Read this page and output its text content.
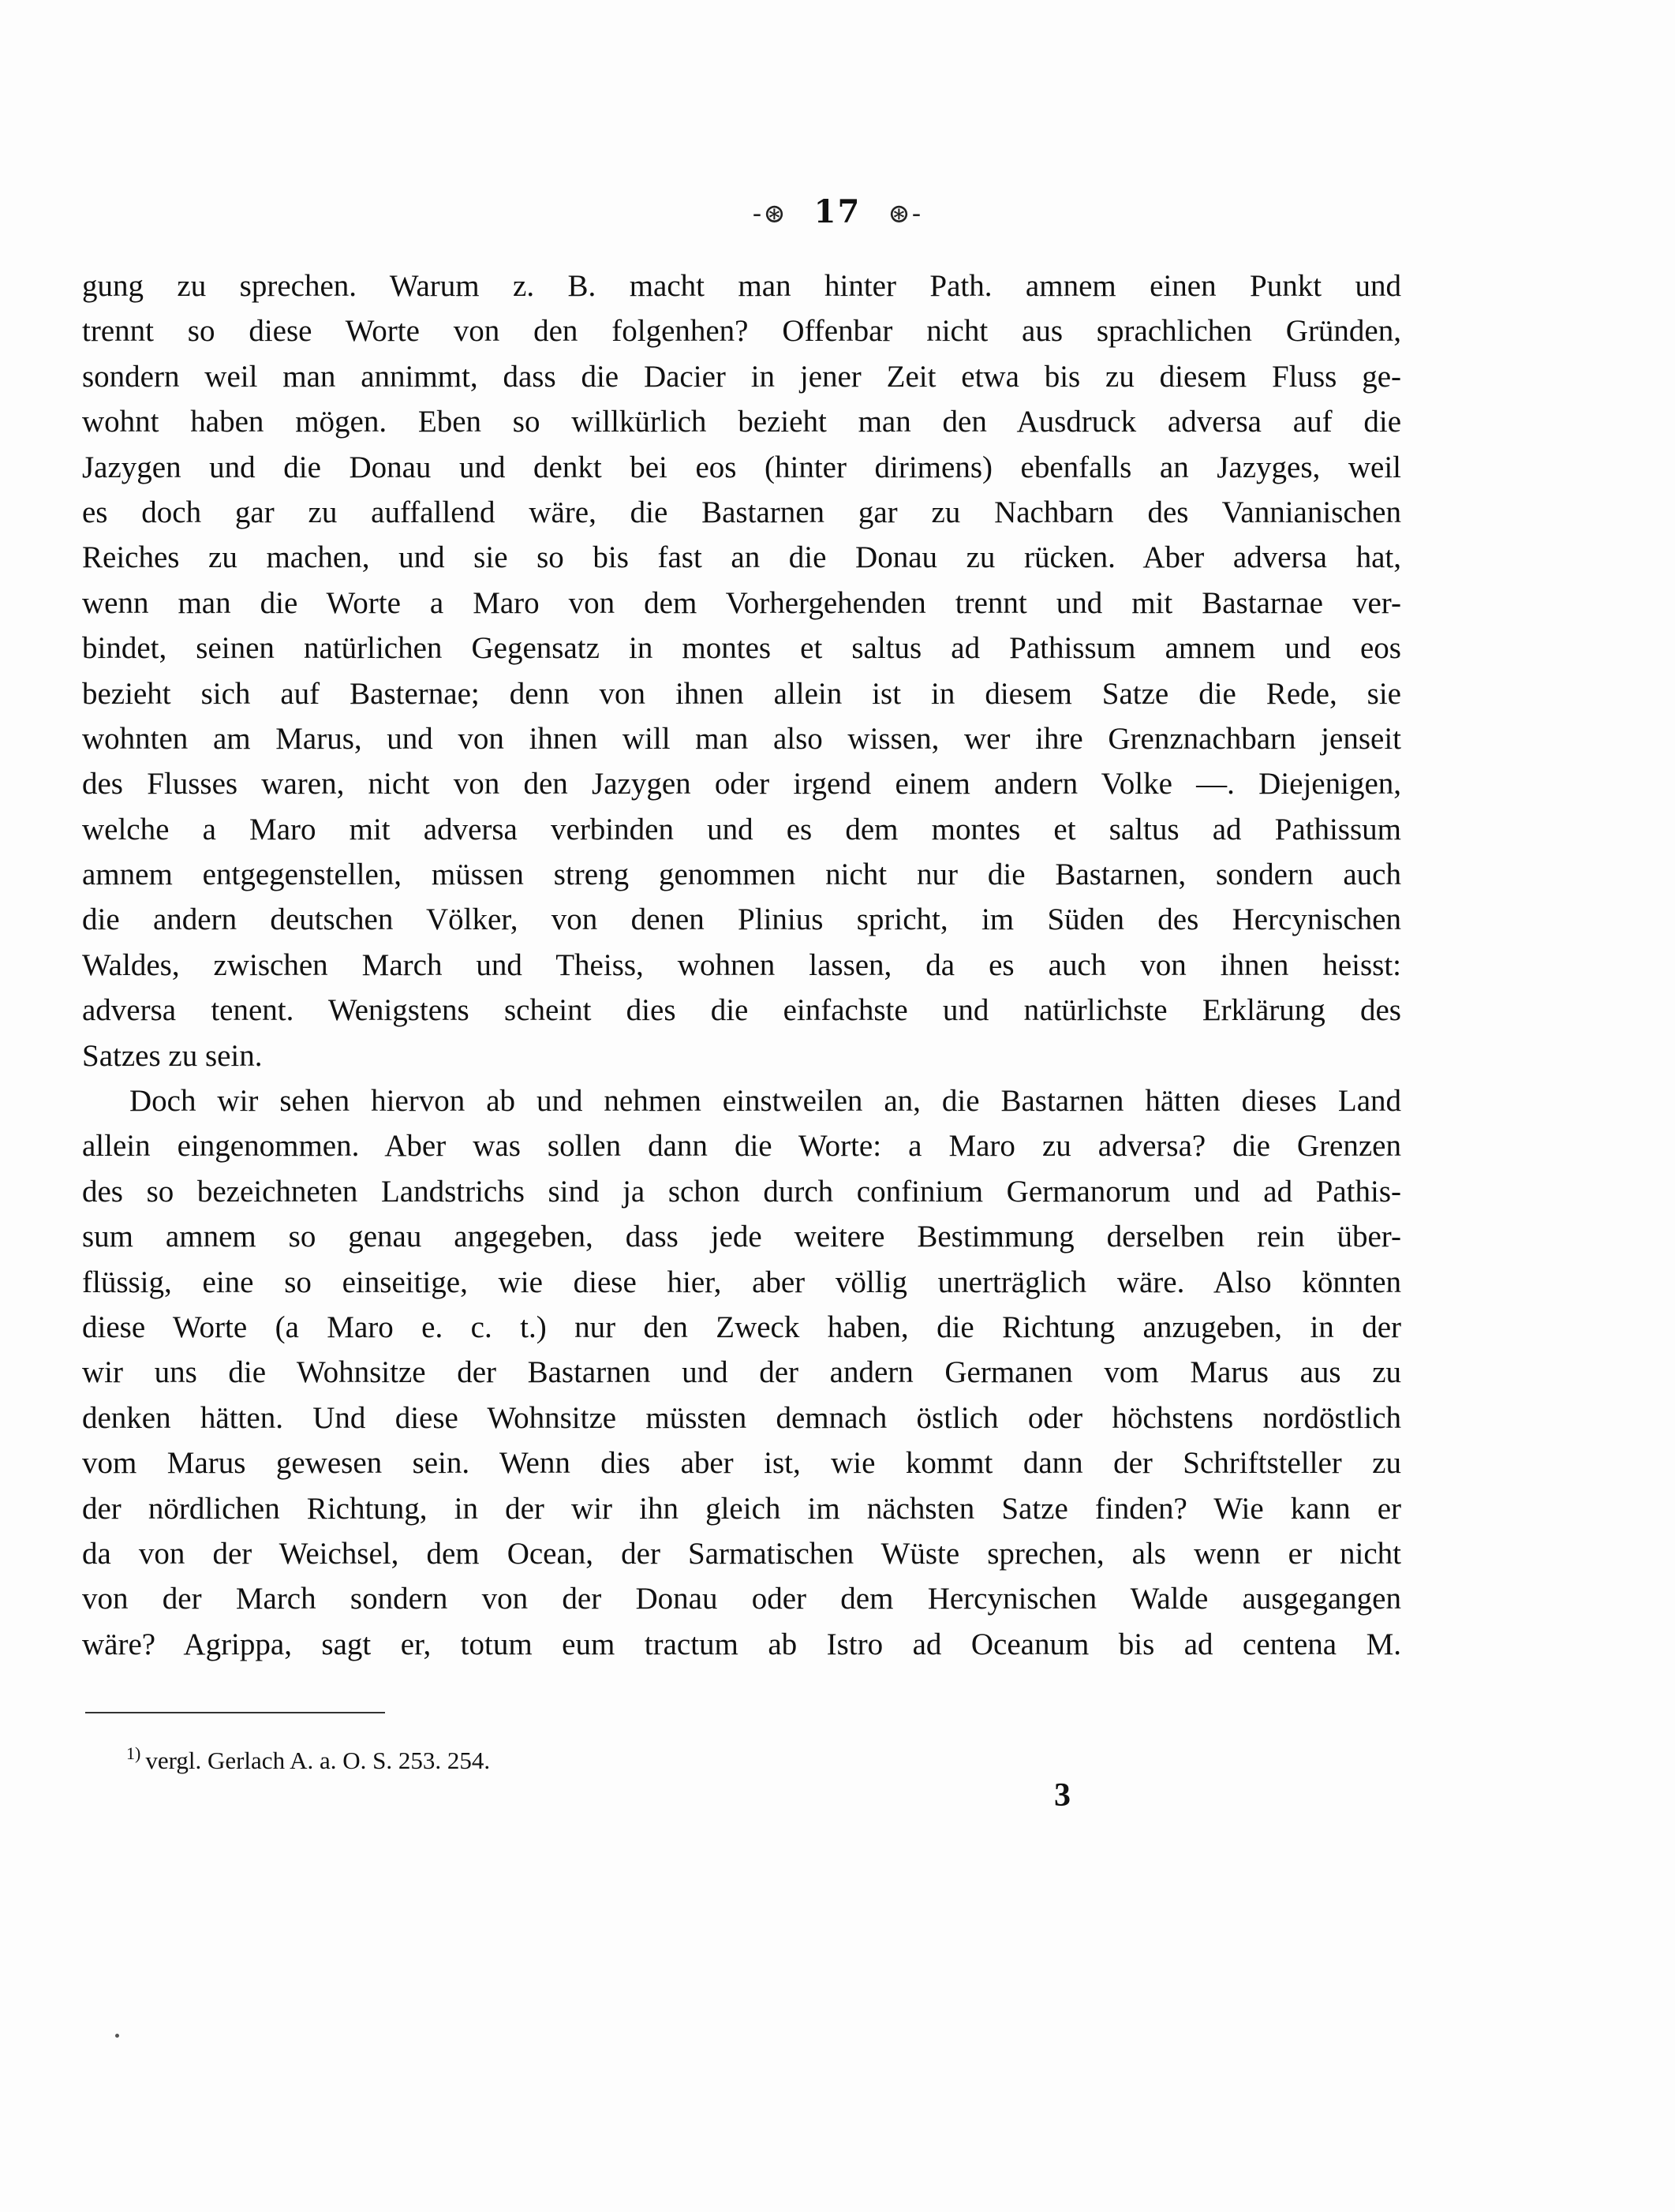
-⊛ 17 ⊛-
gung zu sprechen. Warum z. B. macht man hinter Path. amnem einen Punkt und
trennt so diese Worte von den folgenhen? Offenbar nicht aus sprachlichen Gründen,
sondern weil man annimmt, dass die Dacier in jener Zeit etwa bis zu diesem Fluss ge-
wohnt haben mögen. Eben so willkürlich bezieht man den Ausdruck adversa auf die
Jazygen und die Donau und denkt bei eos (hinter dirimens) ebenfalls an Jazyges, weil
es doch gar zu auffallend wäre, die Bastarnen gar zu Nachbarn des Vannianischen
Reiches zu machen, und sie so bis fast an die Donau zu rücken. Aber adversa hat,
wenn man die Worte a Maro von dem Vorhergehenden trennt und mit Bastarnae ver-
bindet, seinen natürlichen Gegensatz in montes et saltus ad Pathissum amnem und eos
bezieht sich auf Basternae; denn von ihnen allein ist in diesem Satze die Rede, sie
wohnten am Marus, und von ihnen will man also wissen, wer ihre Grenznachbarn jenseit
des Flusses waren, nicht von den Jazygen oder irgend einem andern Volke —. Diejenigen,
welche a Maro mit adversa verbinden und es dem montes et saltus ad Pathissum
amnem entgegenstellen, müssen streng genommen nicht nur die Bastarnen, sondern auch
die andern deutschen Völker, von denen Plinius spricht, im Süden des Hercynischen
Waldes, zwischen March und Theiss, wohnen lassen, da es auch von ihnen heisst:
adversa tenent. Wenigstens scheint dies die einfachste und natürlichste Erklärung des
Satzes zu sein.
Doch wir sehen hiervon ab und nehmen einstweilen an, die Bastarnen hätten dieses Land
allein eingenommen. Aber was sollen dann die Worte: a Maro zu adversa? die Grenzen
des so bezeichneten Landstrichs sind ja schon durch confinium Germanorum und ad Pathis-
sum amnem so genau angegeben, dass jede weitere Bestimmung derselben rein über-
flüssig, eine so einseitige, wie diese hier, aber völlig unerträglich wäre. Also könnten
diese Worte (a Maro e. c. t.) nur den Zweck haben, die Richtung anzugeben, in der
wir uns die Wohnsitze der Bastarnen und der andern Germanen vom Marus aus zu
denken hätten. Und diese Wohnsitze müssten demnach östlich oder höchstens nordöstlich
vom Marus gewesen sein. Wenn dies aber ist, wie kommt dann der Schriftsteller zu
der nördlichen Richtung, in der wir ihn gleich im nächsten Satze finden? Wie kann er
da von der Weichsel, dem Ocean, der Sarmatischen Wüste sprechen, als wenn er nicht
von der March sondern von der Donau oder dem Hercynischen Walde ausgegangen
wäre? Agrippa, sagt er, totum eum tractum ab Istro ad Oceanum bis ad centena M.
$^{1)}$ vergl. Gerlach A. a. O. S. 253. 254.
3
